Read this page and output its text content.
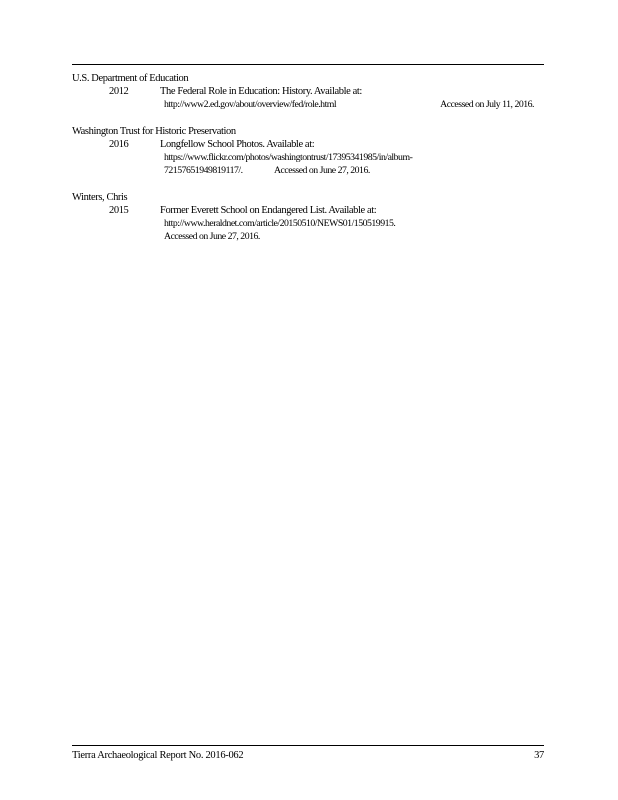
U.S. Department of Education
2012	The Federal Role in Education: History. Available at:
http://www2.ed.gov/about/overview/fed/role.html	Accessed on July 11, 2016.
Washington Trust for Historic Preservation
2016	Longfellow School Photos. Available at:
https://www.flickr.com/photos/washingtontrust/17395341985/in/album-
72157651949819117/.	Accessed on June 27, 2016.
Winters, Chris
2015	Former Everett School on Endangered List. Available at:
http://www.heraldnet.com/article/20150510/NEWS01/150519915.
Accessed on June 27, 2016.
Tierra Archaeological Report No. 2016-062	37
